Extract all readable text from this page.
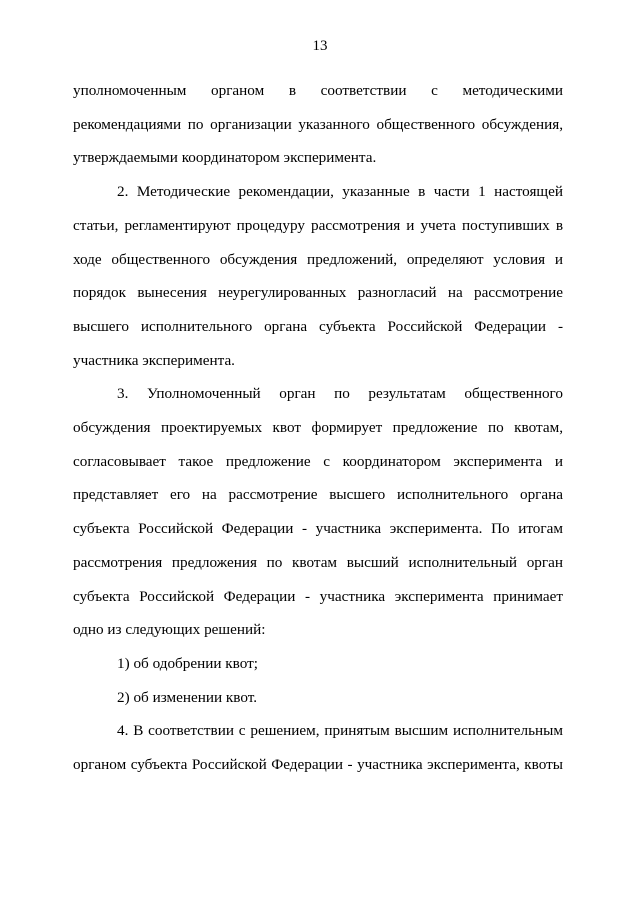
13
уполномоченным органом в соответствии с методическими
рекомендациями по организации указанного общественного обсуждения,
утверждаемыми координатором эксперимента.
2. Методические рекомендации, указанные в части 1 настоящей
статьи, регламентируют процедуру рассмотрения и учета поступивших в
ходе общественного обсуждения предложений, определяют условия и
порядок вынесения неурегулированных разногласий на рассмотрение
высшего исполнительного органа субъекта Российской Федерации -
участника эксперимента.
3. Уполномоченный орган по результатам общественного
обсуждения проектируемых квот формирует предложение по квотам,
согласовывает такое предложение с координатором эксперимента и
представляет его на рассмотрение высшего исполнительного органа
субъекта Российской Федерации - участника эксперимента. По итогам
рассмотрения предложения по квотам высший исполнительный орган
субъекта Российской Федерации - участника эксперимента принимает
одно из следующих решений:
1) об одобрении квот;
2) об изменении квот.
4. В соответствии с решением, принятым высшим исполнительным
органом субъекта Российской Федерации - участника эксперимента, квоты
